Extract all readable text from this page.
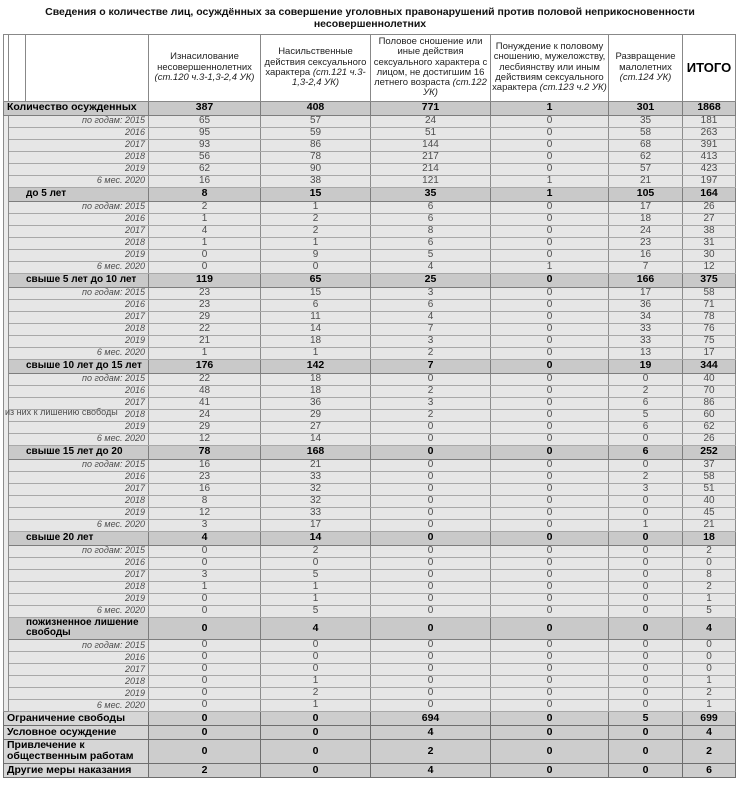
Сведения о количестве лиц, осуждённых за совершение уголовных правонарушений против половой неприкосновенности несовершеннолетних
			Изнасилование несовершеннолетних (ст.120 ч.3-1,3-2,4 УК)	Насильственные действия сексуального характера (ст.121 ч.3-1,3-2,4 УК)	Половое сношение или иные действия сексуального характера с лицом, не достигшим 16 летнего возраста (ст.122 УК)	Понуждение к половому сношению, мужеложству, лесбиянству или иным действиям сексуального характера (ст.123 ч.2 УК)	Развращение малолетних (ст.124 УК)	ИТОГО
Количество осужденных			387	408	771	1	301	1868

из них к лишению свободы	по годам: 2015		65	57	24	0	35	181
	2016		95	59	51	0	58	263
	2017		93	86	144	0	68	391
	2018		56	78	217	0	62	413
	2019		62	90	214	0	57	423
	6 мес. 2020		16	38	121	1	21	197
	до 5 лет		8	15	35	1	105	164
	по годам: 2015		2	1	6	0	17	26
	2016		1	2	6	0	18	27
	2017		4	2	8	0	24	38
	2018		1	1	6	0	23	31
	2019		0	9	5	0	16	30
	6 мес. 2020		0	0	4	1	7	12
	свыше 5 лет до 10 лет		119	65	25	0	166	375
	по годам: 2015		23	15	3	0	17	58
	2016		23	6	6	0	36	71
	2017		29	11	4	0	34	78
	2018		22	14	7	0	33	76
	2019		21	18	3	0	33	75
	6 мес. 2020		1	1	2	0	13	17
	свыше 10 лет до 15 лет		176	142	7	0	19	344
	по годам: 2015		22	18	0	0	0	40
	2016		48	18	2	0	2	70
	2017		41	36	3	0	6	86
	2018		24	29	2	0	5	60
	2019		29	27	0	0	6	62
	6 мес. 2020		12	14	0	0	0	26
	свыше 15 лет до 20		78	168	0	0	6	252
	по годам: 2015		16	21	0	0	0	37
	2016		23	33	0	0	2	58
	2017		16	32	0	0	3	51
	2018		8	32	0	0	0	40
	2019		12	33	0	0	0	45
	6 мес. 2020		3	17	0	0	1	21
	свыше 20 лет		4	14	0	0	0	18
	по годам: 2015		0	2	0	0	0	2
	2016		0	0	0	0	0	0
	2017		3	5	0	0	0	8
	2018		1	1	0	0	0	2
	2019		0	1	0	0	0	1
	6 мес. 2020		0	5	0	0	0	5
	пожизненное лишение свободы		0	4	0	0	0	4
	по годам: 2015		0	0	0	0	0	0
	2016		0	0	0	0	0	0
	2017		0	0	0	0	0	0
	2018		0	1	0	0	0	1
	2019		0	2	0	0	0	2
	6 мес. 2020		0	1	0	0	0	1
Ограничение свободы			0	0	694	0	5	699
Условное осуждение			0	0	4	0	0	4
Привлечение к общественным работам			0	0	2	0	0	2
Другие меры наказания			2	0	4	0	0	6
